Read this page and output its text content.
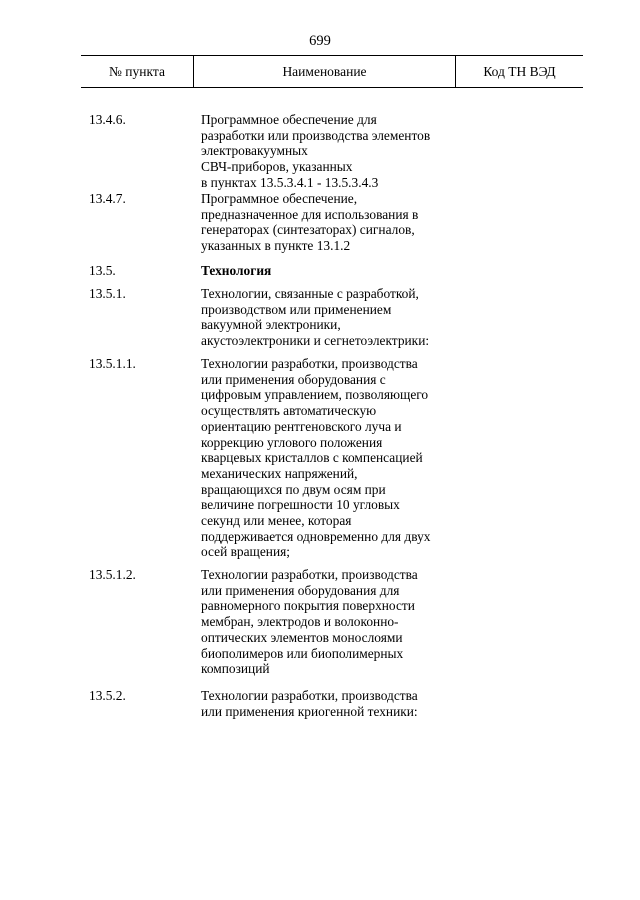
699
№ пункта	Наименование	Код ТН ВЭД
13.4.6.	Программное обеспечение для
разработки или производства элементов
электровакуумных
СВЧ-приборов, указанных
в пунктах 13.5.3.4.1 - 13.5.3.4.3
13.4.7.	Программное обеспечение,
предназначенное для использования в
генераторах (синтезаторах) сигналов,
указанных в пункте 13.1.2
13.5.	Технология
13.5.1.	Технологии, связанные с разработкой,
производством или применением
вакуумной электроники,
акустоэлектроники и сегнетоэлектрики:
13.5.1.1.	Технологии разработки, производства
или применения оборудования с
цифровым управлением, позволяющего
осуществлять автоматическую
ориентацию рентгеновского луча и
коррекцию углового положения
кварцевых кристаллов с компенсацией
механических напряжений,
вращающихся по двум осям при
величине погрешности 10 угловых
секунд или менее, которая
поддерживается одновременно для двух
осей вращения;
13.5.1.2.	Технологии разработки, производства
или применения оборудования для
равномерного покрытия поверхности
мембран, электродов и волоконно-
оптических элементов монослоями
биополимеров или биополимерных
композиций
13.5.2.	Технологии разработки, производства
или применения криогенной техники:
